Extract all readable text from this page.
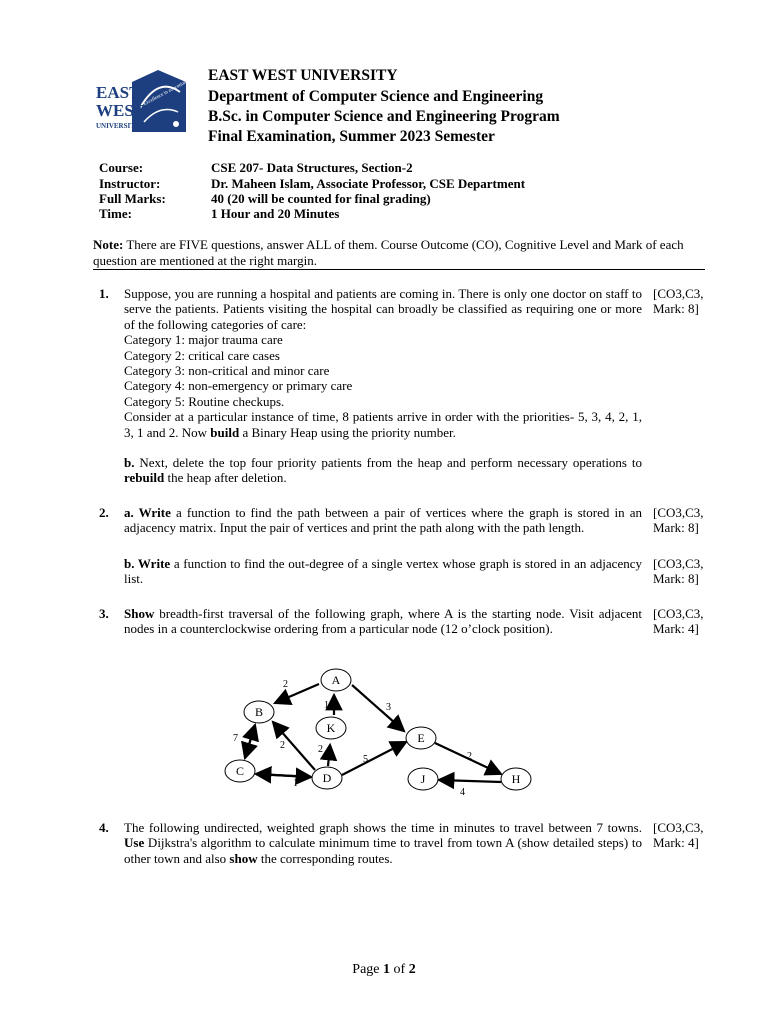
EAST
WEST
UNIVERSITY
Excellence in education
EAST WEST UNIVERSITY
Department of Computer Science and Engineering
B.Sc. in Computer Science and Engineering Program
Final Examination, Summer 2023 Semester
Course:	CSE 207- Data Structures, Section-2
Instructor:	Dr. Maheen Islam, Associate Professor, CSE Department
Full Marks:	40 (20 will be counted for final grading)
Time:	1 Hour and 20 Minutes
Note: There are FIVE questions, answer ALL of them. Course Outcome (CO), Cognitive Level and Mark of each question are mentioned at the right margin.
1. Suppose, you are running a hospital and patients are coming in. There is only one doctor on staff to serve the patients. Patients visiting the hospital can broadly be classified as requiring one or more of the following categories of care:
Category 1: major trauma care
Category 2: critical care cases
Category 3: non-critical and minor care
Category 4: non-emergency or primary care
Category 5: Routine checkups.
Consider at a particular instance of time, 8 patients arrive in order with the priorities- 5, 3, 4, 2, 1, 3, 1 and 2. Now build a Binary Heap using the priority number.
[CO3,C3,
Mark: 8]
b. Next, delete the top four priority patients from the heap and perform necessary operations to rebuild the heap after deletion.
2. a. Write a function to find the path between a pair of vertices where the graph is stored in an adjacency matrix. Input the pair of vertices and print the path along with the path length.
[CO3,C3,
Mark: 8]
b. Write a function to find the out-degree of a single vertex whose graph is stored in an adjacency list.
[CO3,C3,
Mark: 8]
3. Show breadth-first traversal of the following graph, where A is the starting node. Visit adjacent nodes in a counterclockwise ordering from a particular node (12 o’clock position).
[CO3,C3,
Mark: 4]
2
1	3
7
2	2
5
1
2
4
A
B
K
E
C	D	J	H
4. The following undirected, weighted graph shows the time in minutes to travel between 7 towns. Use Dijkstra's algorithm to calculate minimum time to travel from town A (show detailed steps) to other town and also show the corresponding routes.
[CO3,C3,
Mark: 4]
Page 1 of 2
